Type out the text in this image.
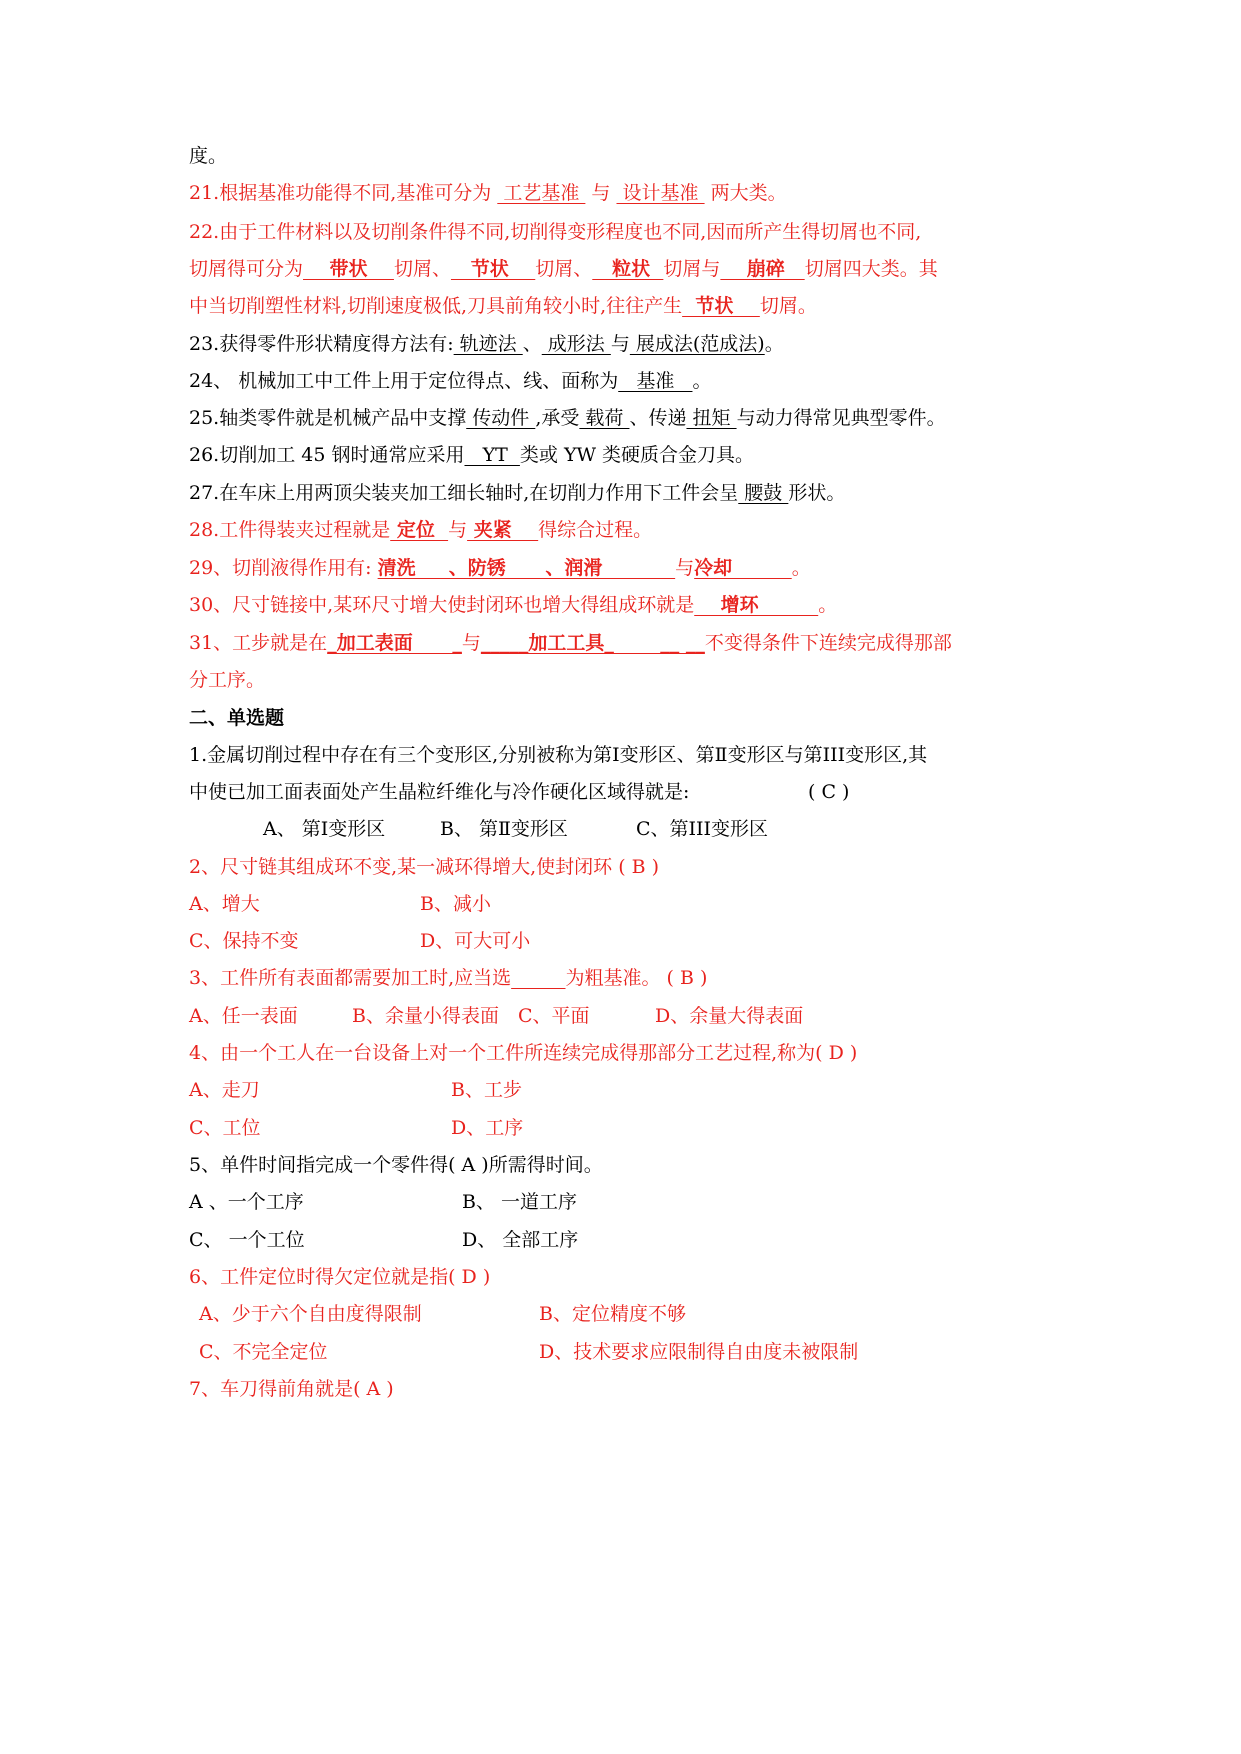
度。
21.根据基准功能得不同,基准可分为  工艺基准  与  设计基准  两大类。
22.由于工件材料以及切削条件得不同,切削得变形程度也不同,因而所产生得切屑也不同,
切屑得可分为    带状    切屑、   节状    切屑、   粒状  切屑与    崩碎   切屑四大类。其
中当切削塑性材料,切削速度极低,刀具前角较小时,往往产生  节状    切屑。
23.获得零件形状精度得方法有: 轨迹法 、 成形法 与 展成法(范成法)。
24、 机械加工中工件上用于定位得点、线、面称为   基准   。
25.轴类零件就是机械产品中支撑 传动件 ,承受 载荷 、传递 扭矩 与动力得常见典型零件。
26.切削加工 45 钢时通常应采用   YT  类或 YW 类硬质合金刀具。
27.在车床上用两顶尖装夹加工细长轴时,在切削力作用下工件会呈 腰鼓 形状。
28.工件得装夹过程就是 定位  与 夹紧    得综合过程。
29、切削液得作用有: 清洗     、防锈      、润滑           与冷却         。
30、尺寸链接中,某环尺寸增大使封闭环也增大得组成环就是    增环         。
31、工步就是在_加工表面      _与_____加工工具_       __ __不变得条件下连续完成得那部
分工序。
二、单选题
1.金属切削过程中存在有三个变形区,分别被称为第Ⅰ变形区、第Ⅱ变形区与第III变形区,其
中使已加工面表面处产生晶粒纤维化与冷作硬化区域得就是:	( C )
A、 第Ⅰ变形区	B、 第Ⅱ变形区	C、第III变形区
2、尺寸链其组成环不变,某一减环得增大,使封闭环 ( B )
A、增大	B、减小
C、保持不变	D、可大可小
3、工件所有表面都需要加工时,应当选	为粗基准。 ( B )
A、任一表面	B、余量小得表面 C、平面	D、余量大得表面
4、由一个工人在一台设备上对一个工件所连续完成得那部分工艺过程,称为( D )
A、走刀	B、工步
C、工位	D、工序
5、单件时间指完成一个零件得( A )所需得时间。
A 、一个工序	B、 一道工序
C、 一个工位	D、 全部工序
6、工件定位时得欠定位就是指( D )
A、少于六个自由度得限制	B、定位精度不够
C、不完全定位	D、技术要求应限制得自由度未被限制
7、车刀得前角就是( A )
